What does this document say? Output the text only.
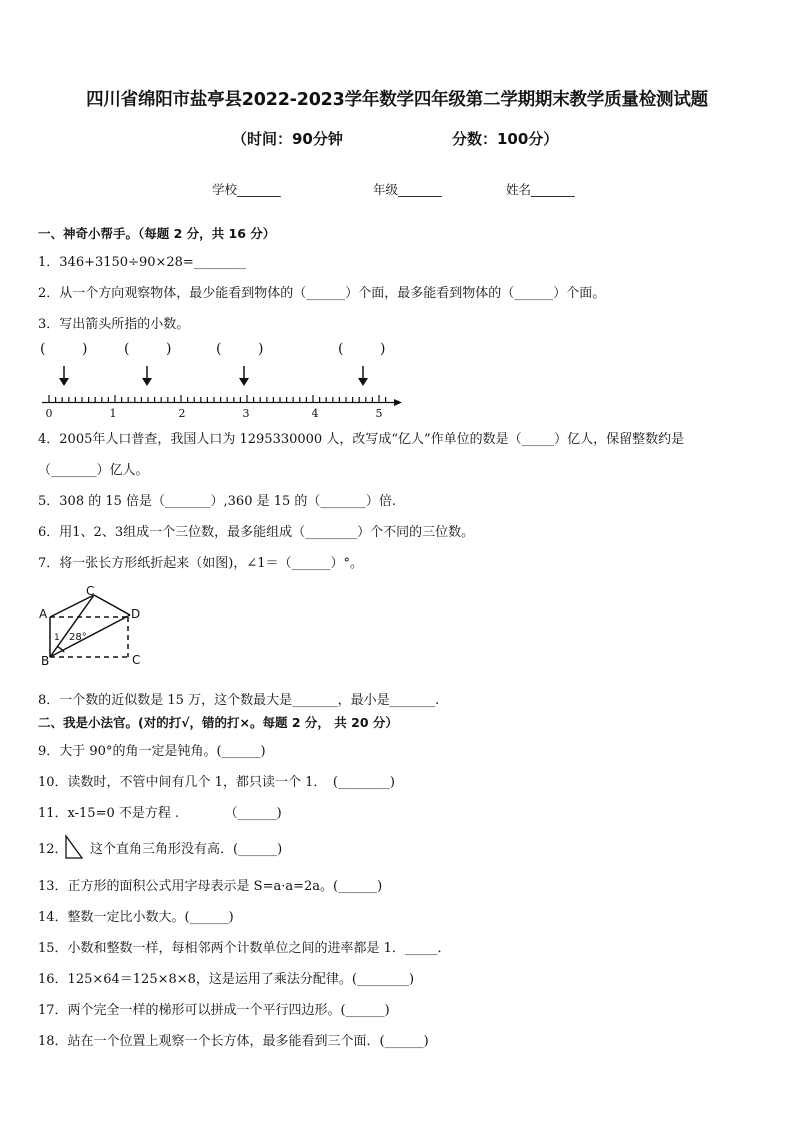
四川省绵阳市盐亭县2022-2023学年数学四年级第二学期期末教学质量检测试题
（时间：90分钟	分数：100分）
学校_______	年级_______	姓名_______
一、神奇小帮手。（每题 2 分，共 16 分）
1．346+3150÷90×28=________
2．从一个方向观察物体，最少能看到物体的（______）个面，最多能看到物体的（______）个面。
3．写出箭头所指的小数。
(	)	(	)	(	)	(	)
0	1	2	3	4	5
4．2005年人口普查，我国人口为 1295330000 人，改写成“亿人”作单位的数是（_____）亿人，保留整数约是
（_______）亿人。
5．308 的 15 倍是（_______）,360 是 15 的（_______）倍.
6．用1、2、3组成一个三位数，最多能组成（________）个不同的三位数。
7．将一张长方形纸折起来（如图)，∠1＝（______）°。
A
C
D
B	C
1 28°
8．一个数的近似数是 15 万，这个数最大是_______，最小是_______.
二、我是小法官。(对的打√，错的打×。每题 2 分， 共 20 分）
9．大于 90°的角一定是钝角。(______)
10．读数时，不管中间有几个 1，都只读一个 1．　(________)
11．x-15=0 不是方程 .　　　　（______)
12． 这个直角三角形没有高．(______)
13．正方形的面积公式用字母表示是 S=a·a=2a。(______)
14．整数一定比小数大。(______)
15．小数和整数一样，每相邻两个计数单位之间的进率都是 1．_____．
16．125×64＝125×8×8，这是运用了乘法分配律。(________)
17．两个完全一样的梯形可以拼成一个平行四边形。(______)
18．站在一个位置上观察一个长方体，最多能看到三个面．(______)
